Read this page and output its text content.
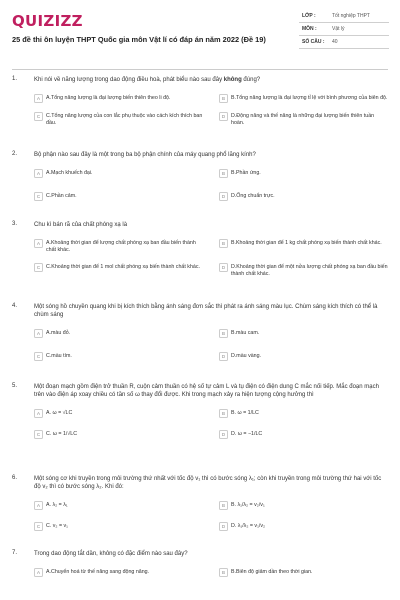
QUIZIZZ
25 đề thi ôn luyện THPT Quốc gia môn Vật lí có đáp án năm 2022 (Đề 19)
LỚP :	Tốt nghiệp THPT
MÔN :	Vật lý
SỐ CÂU :	40
1.	Khi nói về năng lượng trong dao động điều hoà, phát biểu nào sau đây không đúng?
A	A.Tổng năng lượng là đại lượng biến thiên theo li độ.	B	B.Tổng năng lượng là đại lượng tỉ lệ với bình phương của biên độ.
C	C.Tổng năng lượng của con lắc phụ thuộc vào cách kích thích ban đầu.
D	D.Động năng và thế năng là những đại lượng biến thiên tuần hoàn.
2.	Bộ phận nào sau đây là một trong ba bộ phận chính của máy quang phổ lăng kính?
A	A.Mạch khuếch đại.	B	B.Phần ứng.
C	C.Phần cảm.	D	D.Ống chuẩn trực.
3.	Chu kì bán rã của chất phóng xạ là
A	A.Khoảng thời gian để lượng chất phóng xạ ban đầu biến thành chất khác.
B	B.Khoảng thời gian để 1 kg chất phóng xạ biến thành chất khác.
C	C.Khoảng thời gian để 1 mol chất phóng xạ biến thành chất khác.	D	D.Khoảng thời gian để một nửa lượng chất phóng xạ ban đầu biến thành chất khác.
4.	Một sóng hồ chuyền quang khi bị kích thích bằng ánh sáng đơn sắc thì phát ra ánh sáng màu lục. Chùm sáng kích thích có thể là chùm sáng
A	A.màu đỏ.	B	B.màu cam.
C	C.màu tím.	D	D.màu vàng.
5.	Một đoạn mạch gồm điện trở thuần R, cuộn cảm thuần có hệ số tự cảm L và tụ điện có điện dung C mắc nối tiếp. Mắc đoạn mạch trên vào điện áp xoay chiều có tần số ω thay đổi được. Khi trong mạch xảy ra hiện tượng cộng hưởng thì
A	A. ω = √LC	B	B. ω = 1/LC
C	C. ω = 1/√LC	D	D. ω = −1/LC
6.	Một sóng cơ khi truyền trong môi trường thứ nhất với tốc độ v₁ thì có bước sóng λ₁; còn khi truyền trong môi trường thứ hai với tốc độ v₂ thì có bước sóng λ₂. Khi đó:
A	A. λ₂ = λ₁	B	B. λ₁/λ₂ = v₂/v₁
C	C. v₂ = v₁	D	D. λ₁/λ₂ = v₁/v₂
7.	Trong dao động tắt dần, không có đặc điểm nào sau đây?
A	A.Chuyển hoá từ thế năng sang động năng.	B	B.Biên độ giảm dần theo thời gian.
